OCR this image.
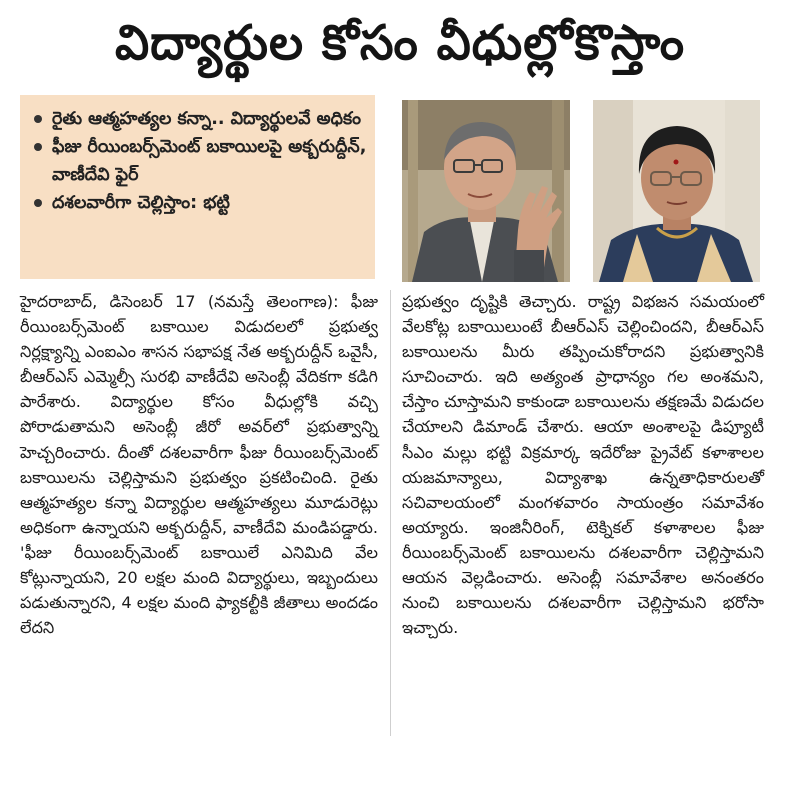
విద్యార్థుల కోసం వీధుల్లోకొస్తాం
రైతు ఆత్మహత్యల కన్నా.. విద్యార్థులవే అధికం
ఫీజు రీయింబర్స్‌మెంట్ బకాయిలపై అక్బరుద్దీన్, వాణీదేవి ఫైర్
దశలవారీగా చెల్లిస్తాం: భట్టి

హైదరాబాద్, డిసెంబర్ 17 (నమస్తే తెలంగాణ): ఫీజు రీయింబర్స్‌మెంట్ బకాయిల విడుదలలో ప్రభుత్వ నిర్లక్ష్యాన్ని ఎంఐఎం శాసన సభాపక్ష నేత అక్బరుద్దీన్ ఒవైసీ, బీఆర్ఎస్ ఎమ్మెల్సీ సురభి వాణీదేవి అసెంబ్లీ వేదికగా కడిగి పారేశారు. విద్యార్థుల కోసం వీధుల్లోకి వచ్చి పోరాడుతామని అసెంబ్లీ జీరో అవర్‌లో ప్రభుత్వాన్ని హెచ్చరించారు. దీంతో దశలవారీగా ఫీజు రీయింబర్స్‌మెంట్ బకాయిలను చెల్లిస్తామని ప్రభుత్వం ప్రకటించింది. రైతు ఆత్మహత్యల కన్నా విద్యార్థుల ఆత్మహత్యలు మూడురెట్లు అధికంగా ఉన్నాయని అక్బరుద్దీన్, వాణీదేవి మండిపడ్డారు. 'ఫీజు రీయింబర్స్‌మెంట్ బకాయిలే ఎనిమిది వేల కోట్లున్నాయని, 20 లక్షల మంది విద్యార్థులు, ఇబ్బందులు పడుతున్నారని, 4 లక్షల మంది ఫ్యాకల్టీకి జీతాలు అందడం లేదని

ప్రభుత్వం దృష్టికి తెచ్చారు. రాష్ట్ర విభజన సమయంలో వేలకోట్ల బకాయిలుంటే బీఆర్ఎస్ చెల్లించిందని, బీఆర్ఎస్ బకాయిలను మీరు తప్పించుకోరాదని ప్రభుత్వానికి సూచించారు. ఇది అత్యంత ప్రాధాన్యం గల అంశమని, చేస్తాం చూస్తామని కాకుండా బకాయిలను తక్షణమే విడుదల చేయాలని డిమాండ్ చేశారు. ఆయా అంశాలపై డిప్యూటీ సీఎం మల్లు భట్టి విక్రమార్క ఇదేరోజు ప్రైవేట్ కళాశాలల యజమాన్యాలు, విద్యాశాఖ ఉన్నతాధికారులతో సచివాలయంలో మంగళవారం సాయంత్రం సమావేశం అయ్యారు. ఇంజినీరింగ్, టెక్నికల్ కళాశాలల ఫీజు రీయింబర్స్‌మెంట్ బకాయిలను దశలవారీగా చెల్లిస్తామని ఆయన వెల్లడించారు. అసెంబ్లీ సమావేశాల అనంతరం నుంచి బకాయిలను దశలవారీగా చెల్లిస్తామని భరోసా ఇచ్చారు.
